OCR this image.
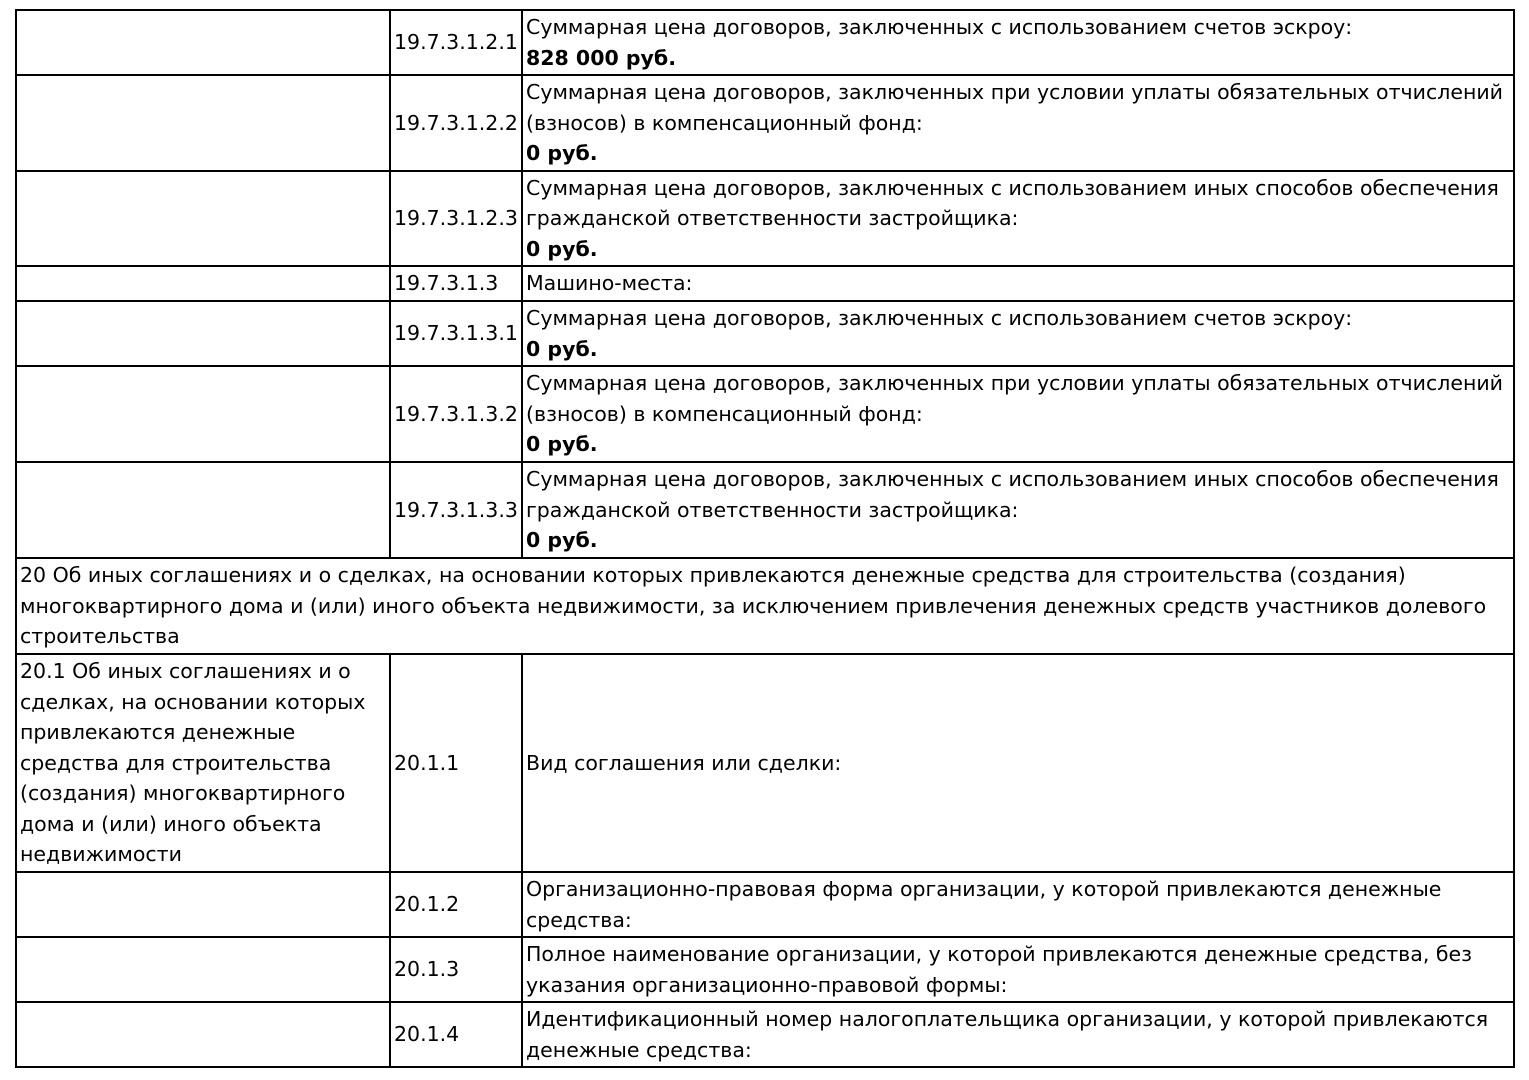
	19.7.3.1.2.1	Суммарная цена договоров, заключенных с использованием счетов эскроу:
828 000 руб.

	19.7.3.1.2.2	Суммарная цена договоров, заключенных при условии уплаты обязательных отчислений (взносов) в компенсационный фонд:
0 руб.

	19.7.3.1.2.3	Суммарная цена договоров, заключенных с использованием иных способов обеспечения гражданской ответственности застройщика:
0 руб.

	19.7.3.1.3	Машино-места:

	19.7.3.1.3.1	Суммарная цена договоров, заключенных с использованием счетов эскроу:
0 руб.

	19.7.3.1.3.2	Суммарная цена договоров, заключенных при условии уплаты обязательных отчислений (взносов) в компенсационный фонд:
0 руб.

	19.7.3.1.3.3	Суммарная цена договоров, заключенных с использованием иных способов обеспечения гражданской ответственности застройщика:
0 руб.

20 Об иных соглашениях и о сделках, на основании которых привлекаются денежные средства для строительства (создания) многоквартирного дома и (или) иного объекта недвижимости, за исключением привлечения денежных средств участников долевого строительства		
20.1 Об иных соглашениях и о сделках, на основании которых привлекаются денежные средства для строительства (создания) многоквартирного дома и (или) иного объекта недвижимости	20.1.1	Вид соглашения или сделки:
	20.1.2	Организационно-правовая форма организации, у которой привлекаются денежные средства:
	20.1.3	Полное наименование организации, у которой привлекаются денежные средства, без указания организационно-правовой формы:
	20.1.4	Идентификационный номер налогоплательщика организации, у которой привлекаются денежные средства:
